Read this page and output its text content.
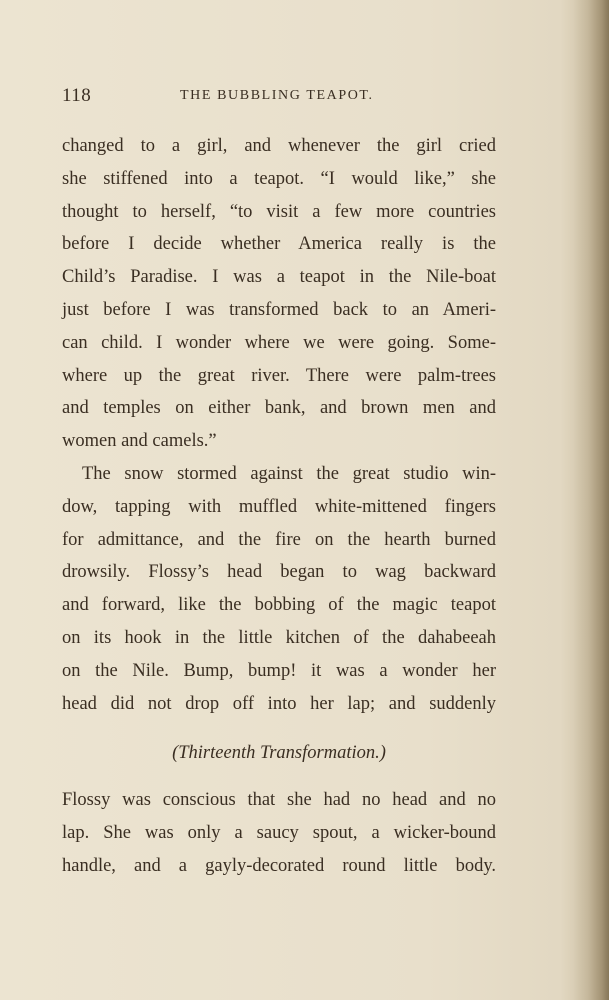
118	THE BUBBLING TEAPOT.
changed to a girl, and whenever the girl cried
she stiffened into a teapot. “I would like,” she
thought to herself, “to visit a few more countries
before I decide whether America really is the
Child’s Paradise. I was a teapot in the Nile-boat
just before I was transformed back to an Ameri-
can child. I wonder where we were going. Some-
where up the great river. There were palm-trees
and temples on either bank, and brown men and
women and camels.”
The snow stormed against the great studio win-
dow, tapping with muffled white-mittened fingers
for admittance, and the fire on the hearth burned
drowsily. Flossy’s head began to wag backward
and forward, like the bobbing of the magic teapot
on its hook in the little kitchen of the dahabeeah
on the Nile. Bump, bump! it was a wonder her
head did not drop off into her lap; and suddenly
(Thirteenth Transformation.)
Flossy was conscious that she had no head and no
lap. She was only a saucy spout, a wicker-bound
handle, and a gayly-decorated round little body.
